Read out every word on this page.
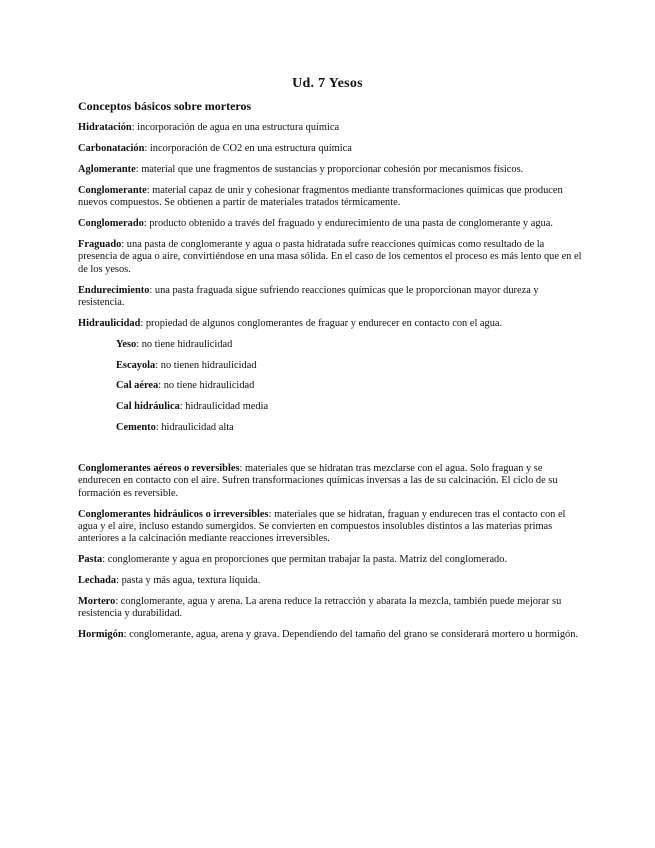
Ud. 7 Yesos
Conceptos básicos sobre morteros
Hidratación: incorporación de agua en una estructura química
Carbonatación: incorporación de CO2 en una estructura química
Aglomerante: material que une fragmentos de sustancias y proporcionar cohesión por mecanismos físicos.
Conglomerante: material capaz de unir y cohesionar fragmentos mediante transformaciones químicas que producen nuevos compuestos. Se obtienen a partir de materiales tratados térmicamente.
Conglomerado: producto obtenido a través del fraguado y endurecimiento de una pasta de conglomerante y agua.
Fraguado: una pasta de conglomerante y agua o pasta hidratada sufre reacciones químicas como resultado de la presencia de agua o aire, convirtiéndose en una masa sólida. En el caso de los cementos el proceso es más lento que en el de los yesos.
Endurecimiento: una pasta fraguada sigue sufriendo reacciones químicas que le proporcionan mayor dureza y resistencia.
Hidraulicidad: propiedad de algunos conglomerantes de fraguar y endurecer en contacto con el agua.
Yeso: no tiene hidraulicidad
Escayola: no tienen hidraulicidad
Cal aérea: no tiene hidraulicidad
Cal hidráulica: hidraulicidad media
Cemento: hidraulicidad alta
Conglomerantes aéreos o reversibles: materiales que se hidratan tras mezclarse con el agua. Solo fraguan y se endurecen en contacto con el aire. Sufren transformaciones químicas inversas a las de su calcinación. El ciclo de su formación es reversible.
Conglomerantes hidráulicos o irreversibles: materiales que se hidratan, fraguan y endurecen tras el contacto con el agua y el aire, incluso estando sumergidos. Se convierten en compuestos insolubles distintos a las materias primas anteriores a la calcinación mediante reacciones irreversibles.
Pasta: conglomerante y agua en proporciones que permitan trabajar la pasta. Matriz del conglomerado.
Lechada: pasta y más agua, textura líquida.
Mortero: conglomerante, agua y arena. La arena reduce la retracción y abarata la mezcla, también puede mejorar su resistencia y durabilidad.
Hormigón: conglomerante, agua, arena y grava. Dependiendo del tamaño del grano se considerará mortero u hormigón.
